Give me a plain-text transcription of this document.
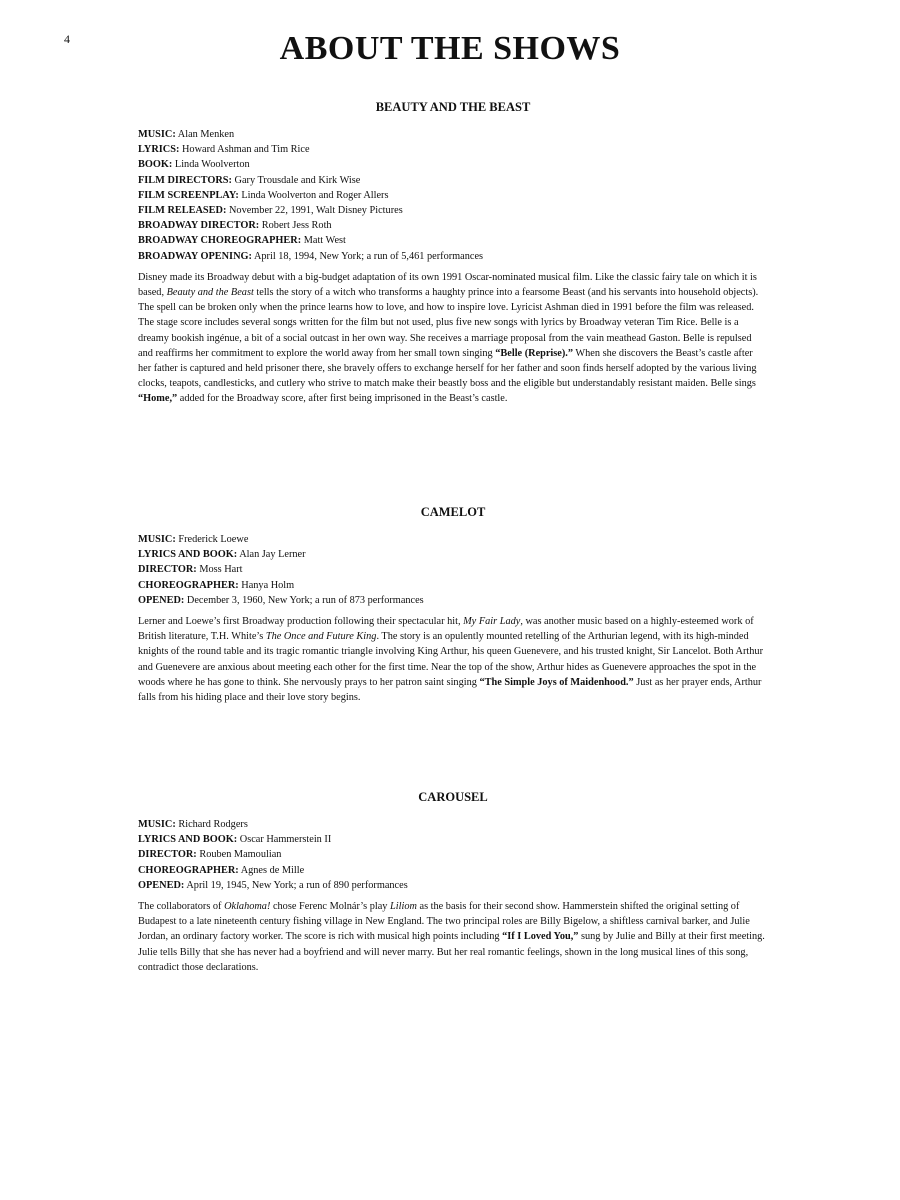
4	ABOUT THE SHOWS
BEAUTY AND THE BEAST
MUSIC: Alan Menken
LYRICS: Howard Ashman and Tim Rice
BOOK: Linda Woolverton
FILM DIRECTORS: Gary Trousdale and Kirk Wise
FILM SCREENPLAY: Linda Woolverton and Roger Allers
FILM RELEASED: November 22, 1991, Walt Disney Pictures
BROADWAY DIRECTOR: Robert Jess Roth
BROADWAY CHOREOGRAPHER: Matt West
BROADWAY OPENING: April 18, 1994, New York; a run of 5,461 performances

Disney made its Broadway debut with a big-budget adaptation of its own 1991 Oscar-nominated musical film. Like the classic fairy tale on which it is based, Beauty and the Beast tells the story of a witch who transforms a haughty prince into a fearsome Beast (and his servants into household objects). The spell can be broken only when the prince learns how to love, and how to inspire love. Lyricist Ashman died in 1991 before the film was released. The stage score includes several songs written for the film but not used, plus five new songs with lyrics by Broadway veteran Tim Rice. Belle is a dreamy bookish ingénue, a bit of a social outcast in her own way. She receives a marriage proposal from the vain meathead Gaston. Belle is repulsed and reaffirms her commitment to explore the world away from her small town singing “Belle (Reprise).” When she discovers the Beast’s castle after her father is captured and held prisoner there, she bravely offers to exchange herself for her father and soon finds herself adopted by the various living clocks, teapots, candlesticks, and cutlery who strive to match make their beastly boss and the eligible but understandably resistant maiden. Belle sings “Home,” added for the Broadway score, after first being imprisoned in the Beast’s castle.

CAMELOT
MUSIC: Frederick Loewe
LYRICS AND BOOK: Alan Jay Lerner
DIRECTOR: Moss Hart
CHOREOGRAPHER: Hanya Holm
OPENED: December 3, 1960, New York; a run of 873 performances

Lerner and Loewe’s first Broadway production following their spectacular hit, My Fair Lady, was another music based on a highly-esteemed work of British literature, T.H. White’s The Once and Future King. The story is an opulently mounted retelling of the Arthurian legend, with its high-minded knights of the round table and its tragic romantic triangle involving King Arthur, his queen Guenevere, and his trusted knight, Sir Lancelot. Both Arthur and Guenevere are anxious about meeting each other for the first time. Near the top of the show, Arthur hides as Guenevere approaches the spot in the woods where he has gone to think. She nervously prays to her patron saint singing “The Simple Joys of Maidenhood.” Just as her prayer ends, Arthur falls from his hiding place and their love story begins.

CAROUSEL
MUSIC: Richard Rodgers
LYRICS AND BOOK: Oscar Hammerstein II
DIRECTOR: Rouben Mamoulian
CHOREOGRAPHER: Agnes de Mille
OPENED: April 19, 1945, New York; a run of 890 performances

The collaborators of Oklahoma! chose Ferenc Molnár’s play Liliom as the basis for their second show. Hammerstein shifted the original setting of Budapest to a late nineteenth century fishing village in New England. The two principal roles are Billy Bigelow, a shiftless carnival barker, and Julie Jordan, an ordinary factory worker. The score is rich with musical high points including “If I Loved You,” sung by Julie and Billy at their first meeting. Julie tells Billy that she has never had a boyfriend and will never marry. But her real romantic feelings, shown in the long musical lines of this song, contradict those declarations.
